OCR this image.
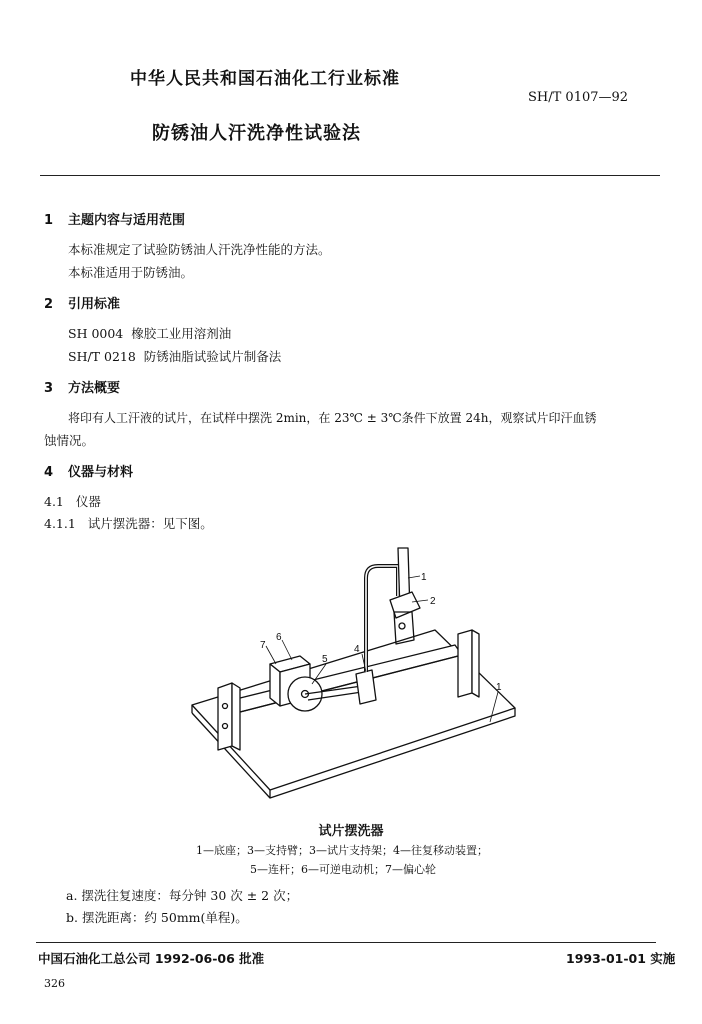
中华人民共和国石油化工行业标准
SH/T 0107—92
防锈油人汗洗净性试验法
1 主题内容与适用范围
本标准规定了试验防锈油人汗洗净性能的方法。
本标准适用于防锈油。
2 引用标准
SH 0004 橡胶工业用溶剂油
SH/T 0218 防锈油脂试验试片制备法
3 方法概要
将印有人工汗液的试片，在试样中摆洗 2min，在 23℃ ± 3℃条件下放置 24h，观察试片印汗血锈
蚀情况。
4 仪器与材料
4.1 仪器
4.1.1 试片摆洗器：见下图。
1
2
4
5
6
7
1
试片摆洗器
1—底座；3—支持臂；3—试片支持架；4—往复移动装置；
5—连杆；6—可逆电动机；7—偏心轮
a. 摆洗往复速度：每分钟 30 次 ± 2 次；
b. 摆洗距离：约 50mm(单程)。
中国石油化工总公司 1992-06-06 批准	1993-01-01 实施
326
